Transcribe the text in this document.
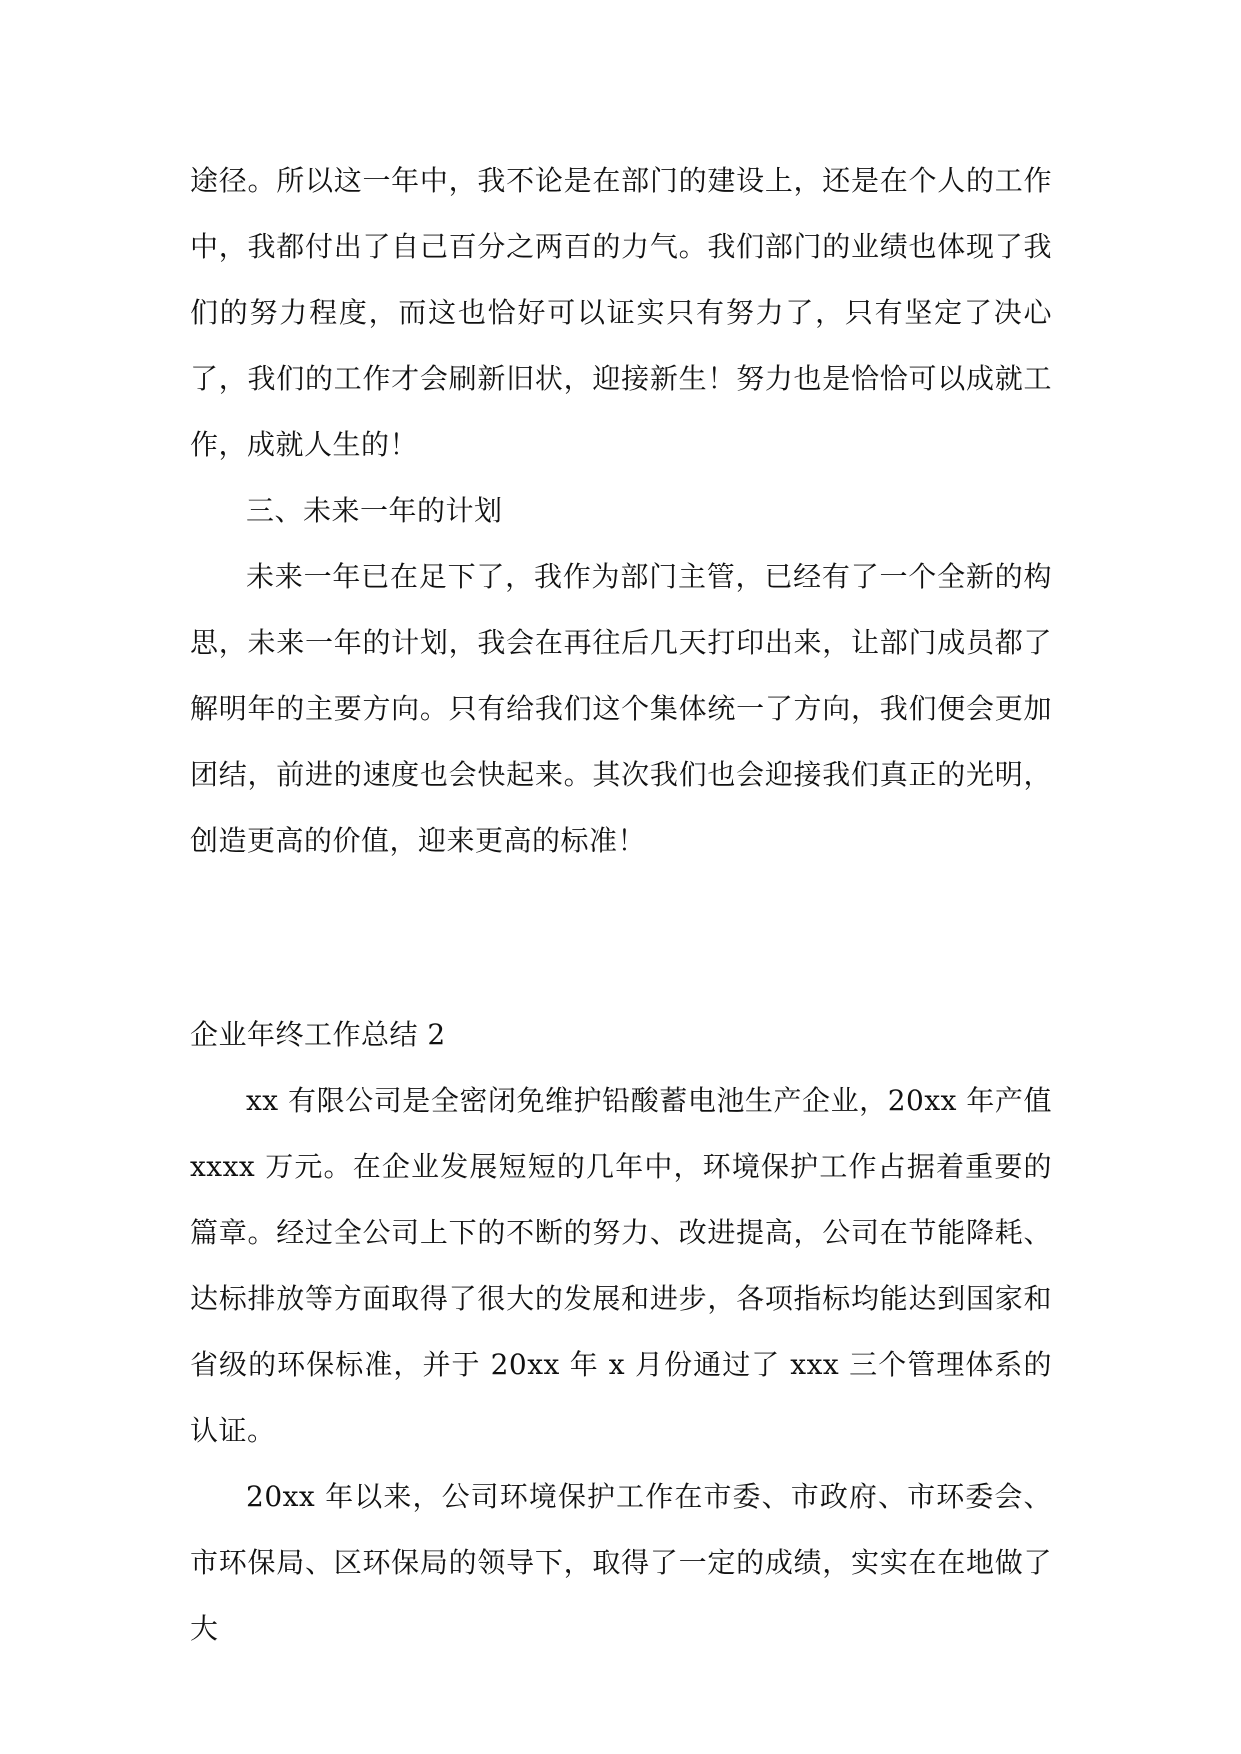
途径。所以这一年中，我不论是在部门的建设上，还是在个人的工作中，我都付出了自己百分之两百的力气。我们部门的业绩也体现了我们的努力程度，而这也恰好可以证实只有努力了，只有坚定了决心了，我们的工作才会刷新旧状，迎接新生！努力也是恰恰可以成就工作，成就人生的！

三、未来一年的计划

未来一年已在足下了，我作为部门主管，已经有了一个全新的构思，未来一年的计划，我会在再往后几天打印出来，让部门成员都了解明年的主要方向。只有给我们这个集体统一了方向，我们便会更加团结，前进的速度也会快起来。其次我们也会迎接我们真正的光明，创造更高的价值，迎来更高的标准！

企业年终工作总结 2

xx 有限公司是全密闭免维护铅酸蓄电池生产企业，20xx 年产值 xxxx 万元。在企业发展短短的几年中，环境保护工作占据着重要的篇章。经过全公司上下的不断的努力、改进提高，公司在节能降耗、达标排放等方面取得了很大的发展和进步，各项指标均能达到国家和省级的环保标准，并于 20xx 年 x 月份通过了 xxx 三个管理体系的认证。

20xx 年以来，公司环境保护工作在市委、市政府、市环委会、市环保局、区环保局的领导下，取得了一定的成绩，实实在在地做了大
